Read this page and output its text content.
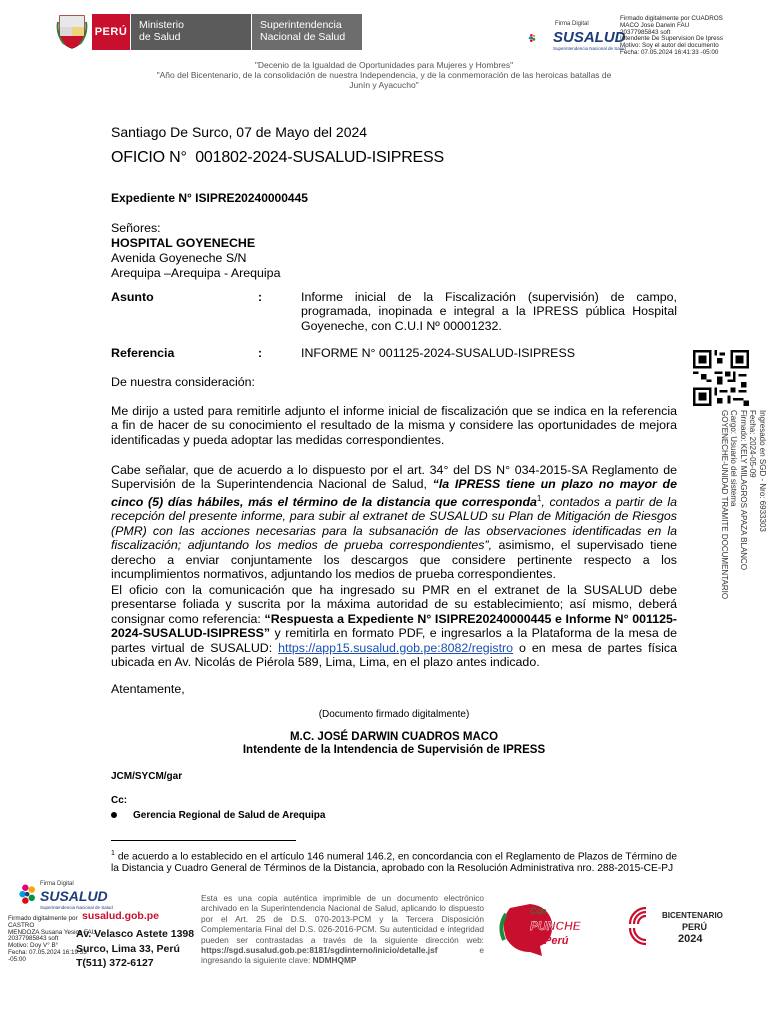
PERÚ
Ministerio
de Salud
Superintendencia
Nacional de Salud
Firma Digital
SUSALUD
Superintendencia Nacional de Salud
Firmado digitalmente por CUADROS
MACO Jose Darwin FAU
20377985843 soft
Intendente De Supervision De Ipress
Motivo: Soy el autor del documento
Fecha: 07.05.2024 16:41:33 -05:00
"Decenio de la Igualdad de Oportunidades para Mujeres y Hombres"
"Año del Bicentenario, de la consolidación de nuestra Independencia, y de la conmemoración de las heroicas batallas de
Junín y Ayacucho"
Santiago De Surco, 07 de Mayo del 2024
OFICIO N° 001802-2024-SUSALUD-ISIPRESS
Expediente N° ISIPRE20240000445
Señores:
HOSPITAL GOYENECHE
Avenida Goyeneche S/N
Arequipa –Arequipa - Arequipa
Asunto	:	Informe inicial de la Fiscalización (supervisión) de campo, programada, inopinada e integral a la IPRESS pública Hospital Goyeneche, con C.U.I Nº 00001232.
Referencia	:	INFORME N° 001125-2024-SUSALUD-ISIPRESS
De nuestra consideración:
Me dirijo a usted para remitirle adjunto el informe inicial de fiscalización que se indica en la referencia a fin de hacer de su conocimiento el resultado de la misma y considere las oportunidades de mejora identificadas y pueda adoptar las medidas correspondientes.
Cabe señalar, que de acuerdo a lo dispuesto por el art. 34° del DS N° 034-2015-SA Reglamento de Supervisión de la Superintendencia Nacional de Salud, “la IPRESS tiene un plazo no mayor de cinco (5) días hábiles, más el término de la distancia que corresponda$^1$, contados a partir de la recepción del presente informe, para subir al extranet de SUSALUD su Plan de Mitigación de Riesgos (PMR) con las acciones necesarias para la subsanación de las observaciones identificadas en la fiscalización; adjuntando los medios de prueba correspondientes”, asimismo, el supervisado tiene derecho a enviar conjuntamente los descargos que considere pertinente respecto a los incumplimientos normativos, adjuntando los medios de prueba correspondientes.
El oficio con la comunicación que ha ingresado su PMR en el extranet de la SUSALUD debe presentarse foliada y suscrita por la máxima autoridad de su establecimiento; así mismo, deberá consignar como referencia: “Respuesta a Expediente N° ISIPRE20240000445 e Informe N° 001125-2024-SUSALUD-ISIPRESS” y remitirla en formato PDF, e ingresarlos a la Plataforma de la mesa de partes virtual de SUSALUD: https://app15.susalud.gob.pe:8082/registro o en mesa de partes física ubicada en Av. Nicolás de Piérola 589, Lima, Lima, en el plazo antes indicado.
Atentamente,
(Documento firmado digitalmente)
M.C. JOSÉ DARWIN CUADROS MACO
Intendente de la Intendencia de Supervisión de IPRESS
JCM/SYCM/gar
Cc:
Gerencia Regional de Salud de Arequipa
$^1$ de acuerdo a lo establecido en el artículo 146 numeral 146.2, en concordancia con el Reglamento de Plazos de Término de la Distancia y Cuadro General de Términos de la Distancia, aprobado con la Resolución Administrativa nro. 288-2015-CE-PJ
Ingresado en SGD - Nro: 6933303
Fecha: 2024-05-09
Firmado: KELY MILAGROS APAZA BLANCO
Cargo: Usuario del sistema
GOYENECHE-UNIDAD TRAMITE DOCUMENTARIO
Firma Digital
SUSALUD
Superintendencia Nacional de Salud
Firmado digitalmente por CASTRO
MENDOZA Susana Yesica FAU
20377985843 soft
Motivo: Doy V° B°
Fecha: 07.05.2024 16:19:53 -05:00
susalud.gob.pe
Av. Velasco Astete 1398
Surco, Lima 33, Perú
T(511) 372-6127
Esta es una copia auténtica imprimible de un documento electrónico archivado en la Superintendencia Nacional de Salud, aplicando lo dispuesto por el Art. 25 de D.S. 070-2013-PCM y la Tercera Disposición Complementaria Final del D.S. 026-2016-PCM. Su autenticidad e integridad pueden ser contrastadas a través de la siguiente dirección web: https://sgd.susalud.gob.pe:8181/sgdinterno/inicio/detalle.jsf e ingresando la siguiente clave: NDMHQMP
Con
PUNCHE
Perú
BICENTENARIO
PERÚ
2024
